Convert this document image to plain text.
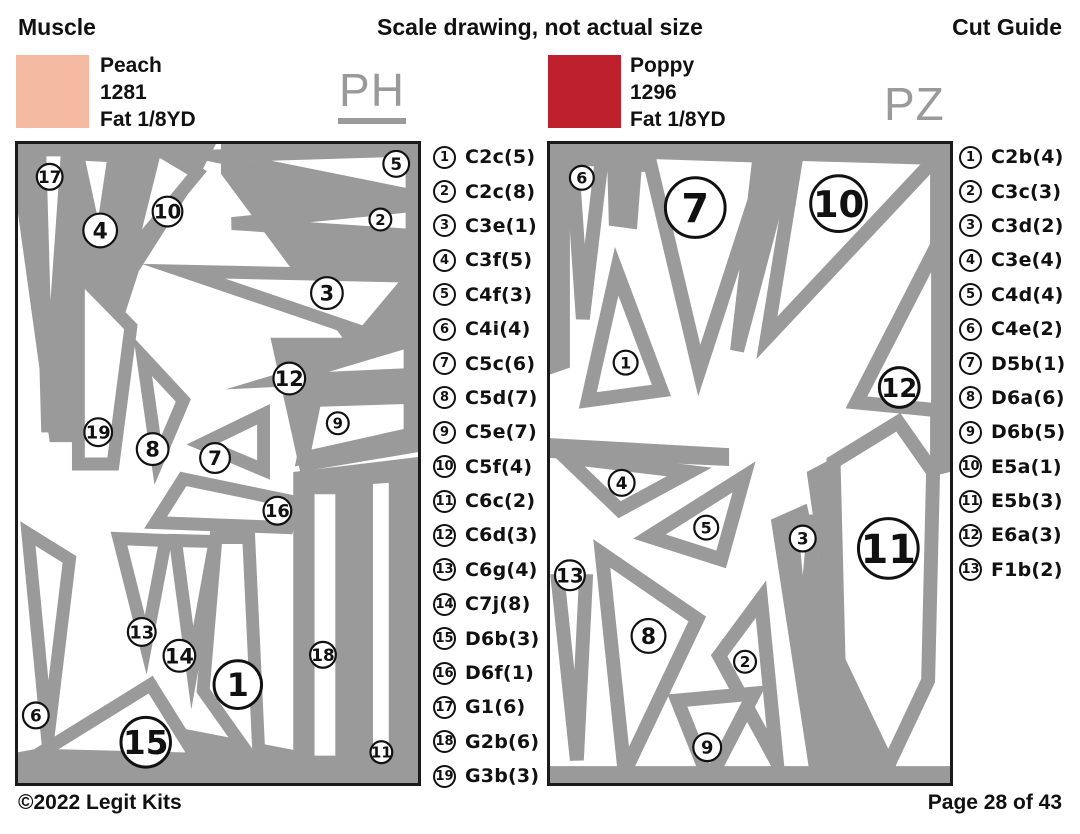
Muscle	Scale drawing, not actual size	Cut Guide
Peach
1281
Fat 1/8YD
PH	Poppy
1296
Fat 1/8YD	PZ
17
4
10
5
2
3
12
19
8 7
9
16
13
14
1
18
6
15	11
6
7	10
1
12
4
5
3 11
13
8
2
9
1 C2c(5)
2 C2c(8)
3 C3e(1)
4 C3f(5)
5 C4f(3)
6 C4i(4)
7 C5c(6)
8 C5d(7)
9 C5e(7)
10 C5f(4)
11 C6c(2)
12 C6d(3)
13 C6g(4)
14 C7j(8)
15 D6b(3)
16 D6f(1)
17 G1(6)
18 G2b(6)
19 G3b(3)
1 C2b(4)
2 C3c(3)
3 C3d(2)
4 C3e(4)
5 C4d(4)
6 C4e(2)
7 D5b(1)
8 D6a(6)
9 D6b(5)
10 E5a(1)
11 E5b(3)
12 E6a(3)
13 F1b(2)
©2022 Legit Kits	Page 28 of 43
